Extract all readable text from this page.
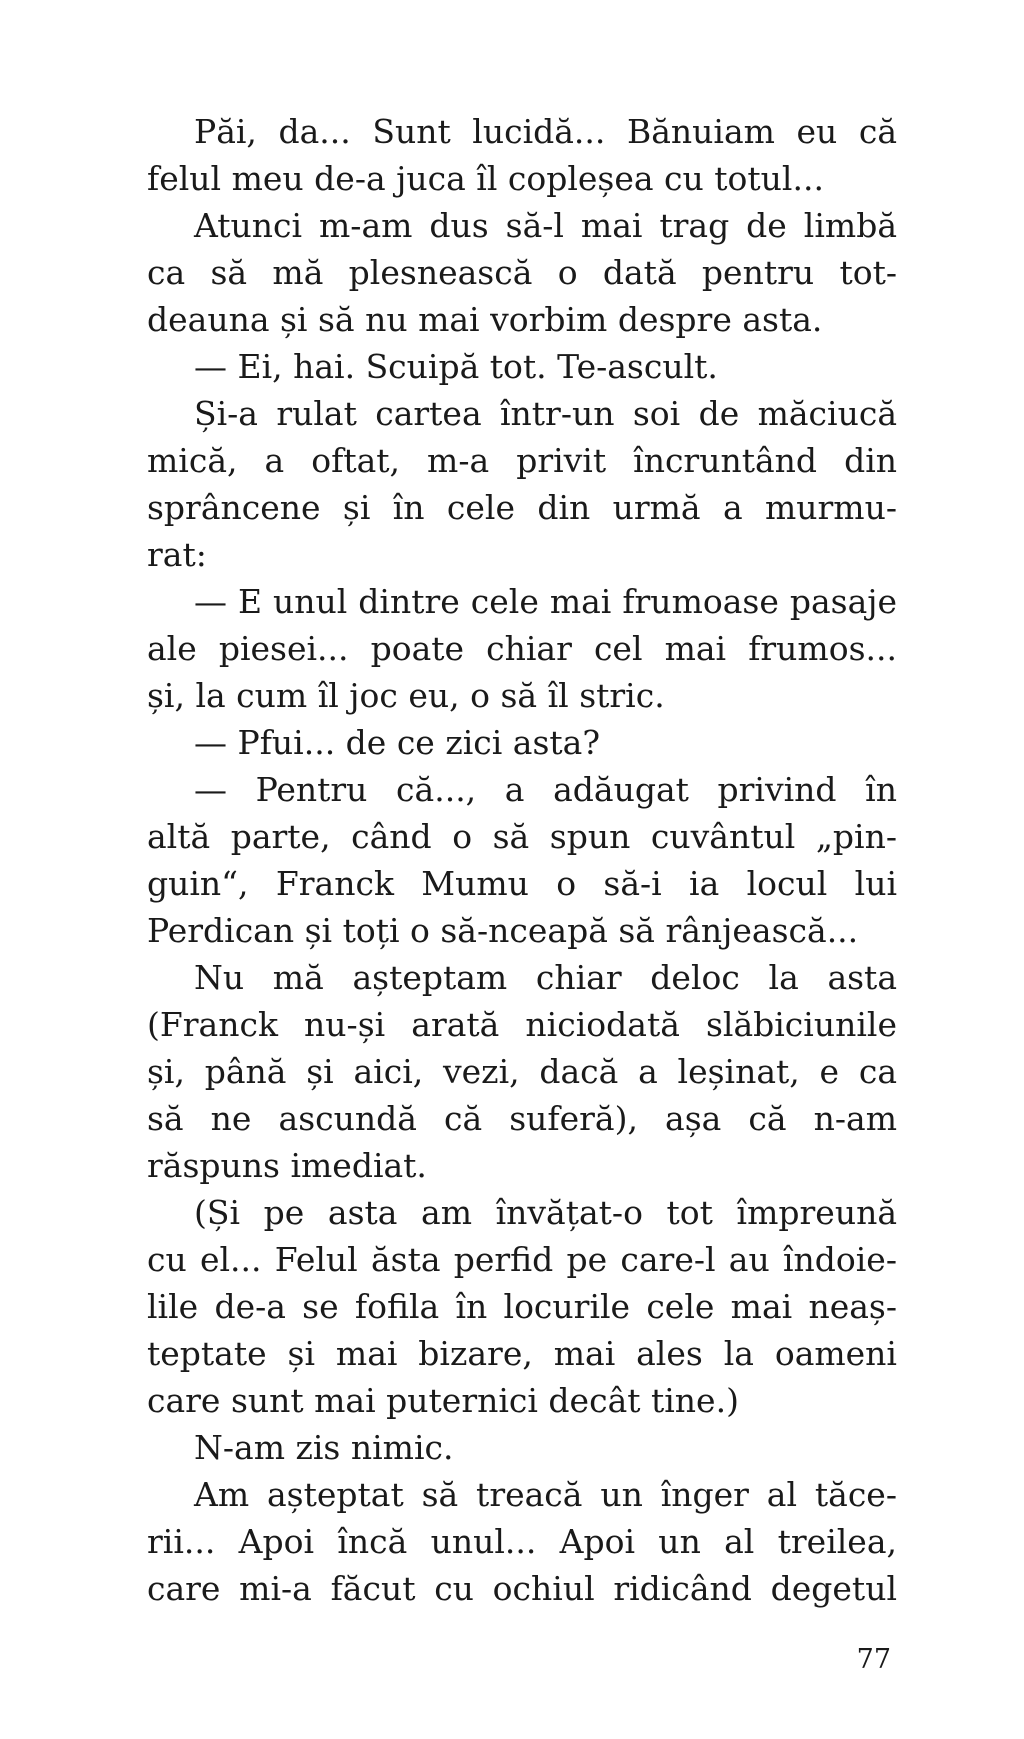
Păi, da... Sunt lucidă... Bănuiam eu că
felul meu de-a juca îl copleșea cu totul...
Atunci m-am dus să-l mai trag de limbă
ca să mă plesnească o dată pentru tot-
deauna și să nu mai vorbim despre asta.
— Ei, hai. Scuipă tot. Te-ascult.
Și-a rulat cartea într-un soi de măciucă
mică, a oftat, m-a privit încruntând din
sprâncene și în cele din urmă a murmu-
rat:
— E unul dintre cele mai frumoase pasaje
ale piesei... poate chiar cel mai frumos...
și, la cum îl joc eu, o să îl stric.
— Pfui... de ce zici asta?
— Pentru că..., a adăugat privind în
altă parte, când o să spun cuvântul „pin-
guin“, Franck Mumu o să-i ia locul lui
Perdican și toți o să-nceapă să rânjească...
Nu mă așteptam chiar deloc la asta
(Franck nu-și arată niciodată slăbiciunile
și, până și aici, vezi, dacă a leșinat, e ca
să ne ascundă că suferă), așa că n-am
răspuns imediat.
(Și pe asta am învățat-o tot împreună
cu el... Felul ăsta perfid pe care-l au îndoie-
lile de-a se fofila în locurile cele mai neaș-
teptate și mai bizare, mai ales la oameni
care sunt mai puternici decât tine.)
N-am zis nimic.
Am așteptat să treacă un înger al tăce-
rii... Apoi încă unul... Apoi un al treilea,
care mi-a făcut cu ochiul ridicând degetul
77
